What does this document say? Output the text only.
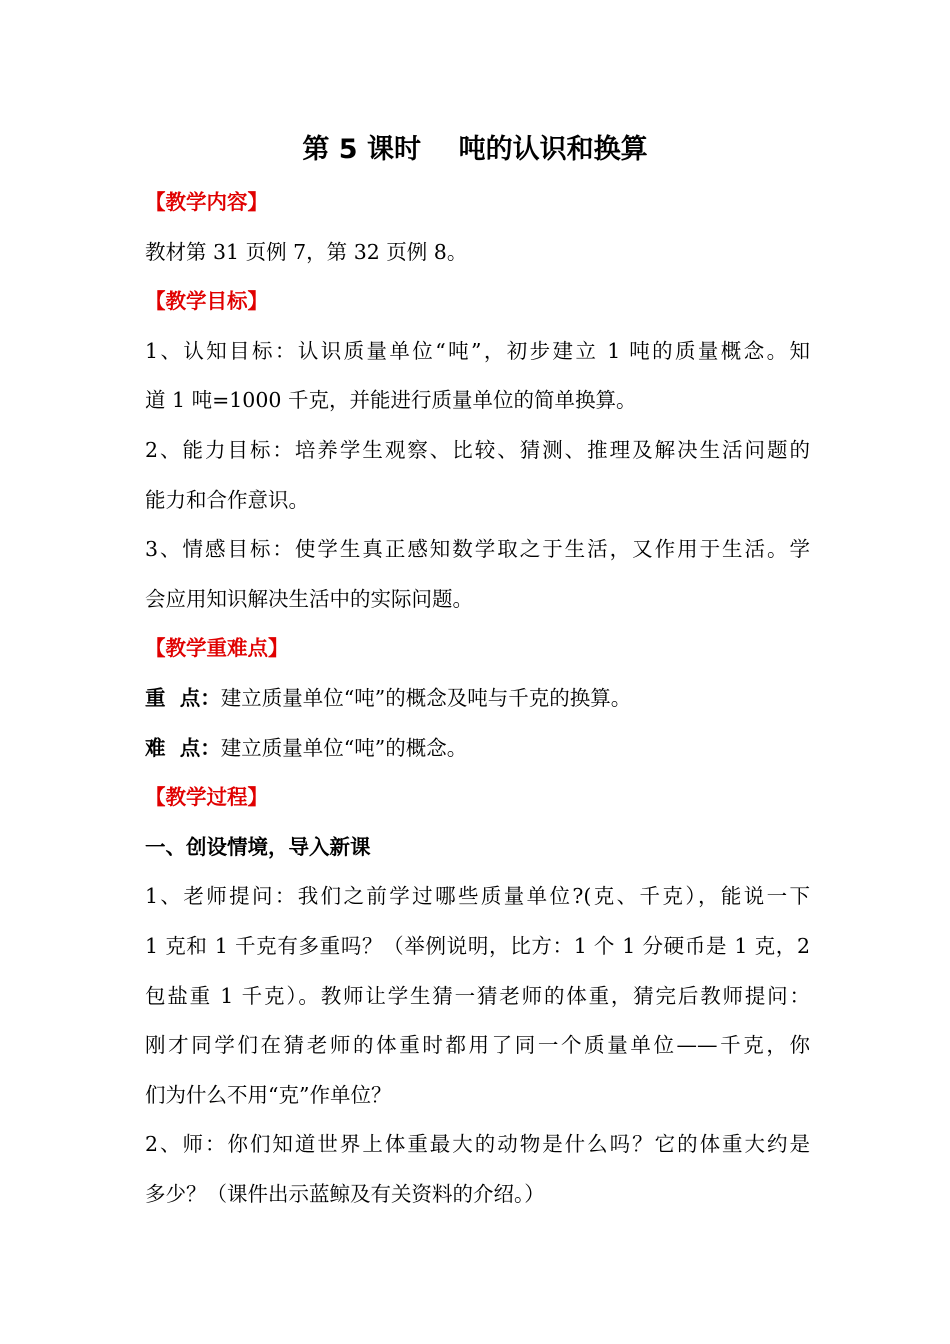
第 5 课时    吨的认识和换算
【教学内容】
教材第 31 页例 7，第 32 页例 8。
【教学目标】
1、认知目标：认识质量单位“吨”，初步建立 1 吨的质量概念。知
道 1 吨=1000 千克，并能进行质量单位的简单换算。
2、能力目标：培养学生观察、比较、猜测、推理及解决生活问题的
能力和合作意识。
3、情感目标：使学生真正感知数学取之于生活，又作用于生活。学
会应用知识解决生活中的实际问题。
【教学重难点】
重  点：建立质量单位“吨”的概念及吨与千克的换算。
难  点：建立质量单位“吨”的概念。
【教学过程】
一、创设情境，导入新课
1、老师提问：我们之前学过哪些质量单位?(克、千克），能说一下
1 克和 1 千克有多重吗？（举例说明，比方：1 个 1 分硬币是 1 克，2
包盐重 1 千克）。教师让学生猜一猜老师的体重，猜完后教师提问：
刚才同学们在猜老师的体重时都用了同一个质量单位——千克，你
们为什么不用“克”作单位？
2、师：你们知道世界上体重最大的动物是什么吗？它的体重大约是
多少？（课件出示蓝鲸及有关资料的介绍。）
